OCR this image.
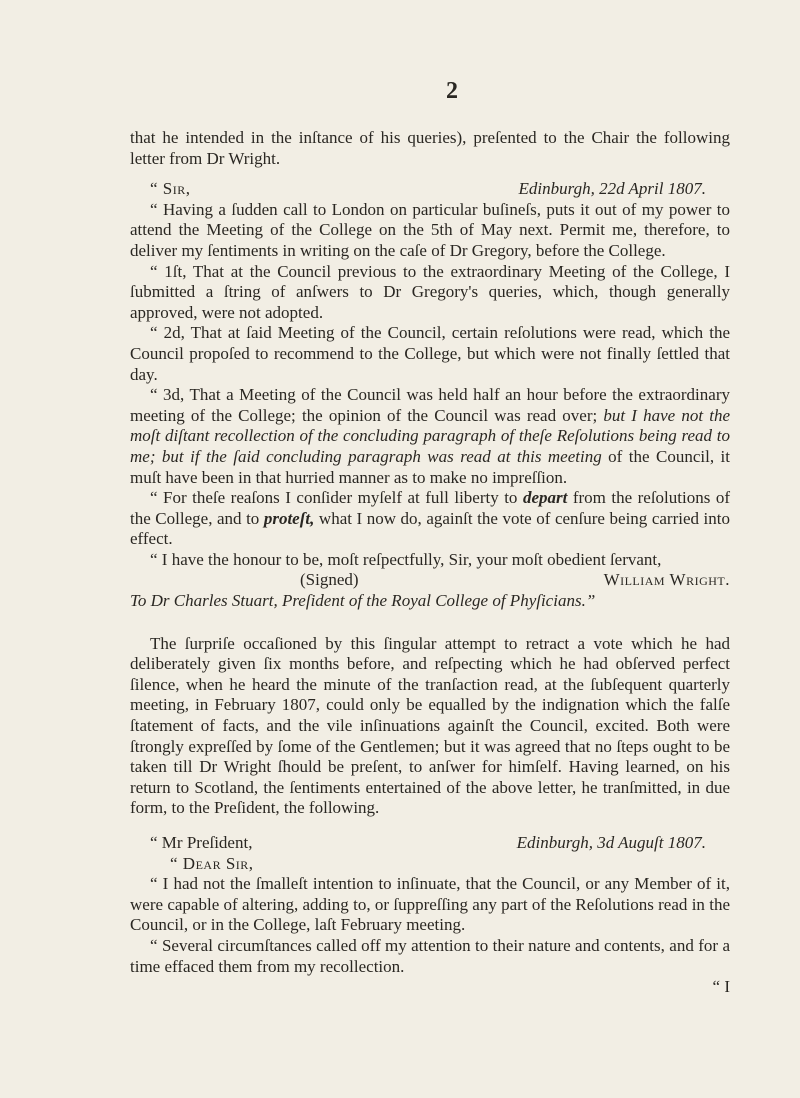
2

that he intended in the inſtance of his queries), preſented to the Chair the following letter from Dr Wright.

“ Sir,	Edinburgh, 22d April 1807.

“ Having a ſudden call to London on particular buſineſs, puts it out of my power to attend the Meeting of the College on the 5th of May next. Permit me, therefore, to deliver my ſentiments in writing on the caſe of Dr Gregory, before the College.

“ 1ſt, That at the Council previous to the extraordinary Meeting of the College, I ſubmitted a ſtring of anſwers to Dr Gregory's queries, which, though generally approved, were not adopted.

“ 2d, That at ſaid Meeting of the Council, certain reſolutions were read, which the Council propoſed to recommend to the College, but which were not finally ſettled that day.

“ 3d, That a Meeting of the Council was held half an hour before the extraordinary meeting of the College; the opinion of the Council was read over; but I have not the moſt diſtant recollection of the concluding paragraph of theſe Reſolutions being read to me; but if the ſaid concluding paragraph was read at this meeting of the Council, it muſt have been in that hurried manner as to make no impreſſion.

“ For theſe reaſons I conſider myſelf at full liberty to depart from the reſolutions of the College, and to proteſt, what I now do, againſt the vote of cenſure being carried into effect.

“ I have the honour to be, moſt reſpectfully, Sir, your moſt obedient ſervant,

(Signed)	William Wright.

To Dr Charles Stuart, Preſident of the Royal College of Phyſicians.”

The ſurpriſe occaſioned by this ſingular attempt to retract a vote which he had deliberately given ſix months before, and reſpecting which he had obſerved perfect ſilence, when he heard the minute of the tranſaction read, at the ſubſequent quarterly meeting, in February 1807, could only be equalled by the indignation which the falſe ſtatement of facts, and the vile inſinuations againſt the Council, excited. Both were ſtrongly expreſſed by ſome of the Gentlemen; but it was agreed that no ſteps ought to be taken till Dr Wright ſhould be preſent, to anſwer for himſelf. Having learned, on his return to Scotland, the ſentiments entertained of the above letter, he tranſmitted, in due form, to the Preſident, the following.

“ Mr Preſident,	Edinburgh, 3d Auguſt 1807.

“ Dear Sir,

“ I had not the ſmalleſt intention to inſinuate, that the Council, or any Member of it, were capable of altering, adding to, or ſuppreſſing any part of the Reſolutions read in the Council, or in the College, laſt February meeting.

“ Several circumſtances called off my attention to their nature and contents, and for a time effaced them from my recollection.

“ I
